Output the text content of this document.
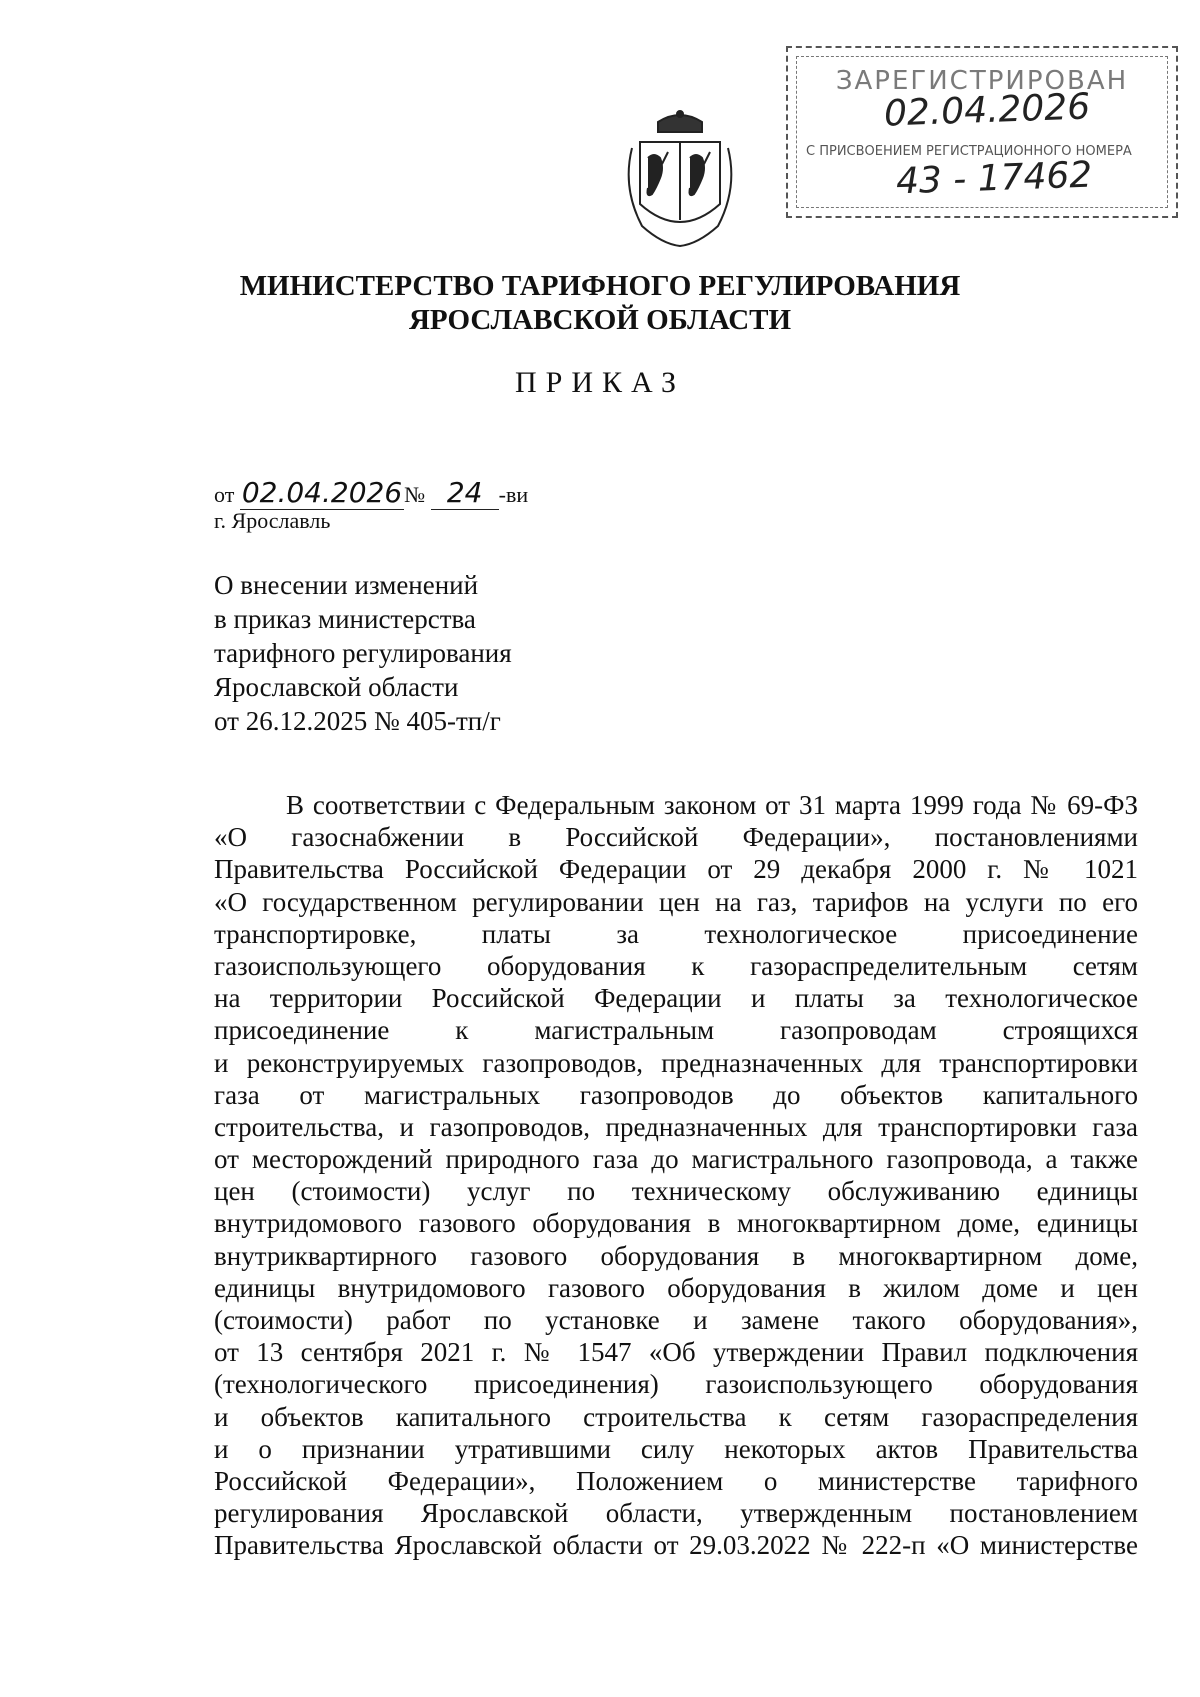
ЗАРЕГИСТРИРОВАН
02.04.2026
С ПРИСВОЕНИЕМ РЕГИСТРАЦИОННОГО НОМЕРА
43 - 17462
МИНИСТЕРСТВО ТАРИФНОГО РЕГУЛИРОВАНИЯ
ЯРОСЛАВСКОЙ ОБЛАСТИ
ПРИКАЗ
от 02.04.2026№ 24 -ви
г. Ярославль
О внесении изменений
в приказ министерства
тарифного регулирования
Ярославской области
от 26.12.2025 № 405-тп/г
В соответствии с Федеральным законом от 31 марта 1999 года № 69-ФЗ
«О газоснабжении в Российской Федерации», постановлениями
Правительства Российской Федерации от 29 декабря 2000 г. № 1021
«О государственном регулировании цен на газ, тарифов на услуги по его
транспортировке, платы за технологическое присоединение
газоиспользующего оборудования к газораспределительным сетям
на территории Российской Федерации и платы за технологическое
присоединение к магистральным газопроводам строящихся
и реконструируемых газопроводов, предназначенных для транспортировки
газа от магистральных газопроводов до объектов капитального
строительства, и газопроводов, предназначенных для транспортировки газа
от месторождений природного газа до магистрального газопровода, а также
цен (стоимости) услуг по техническому обслуживанию единицы
внутридомового газового оборудования в многоквартирном доме, единицы
внутриквартирного газового оборудования в многоквартирном доме,
единицы внутридомового газового оборудования в жилом доме и цен
(стоимости) работ по установке и замене такого оборудования»,
от 13 сентября 2021 г. № 1547 «Об утверждении Правил подключения
(технологического присоединения) газоиспользующего оборудования
и объектов капитального строительства к сетям газораспределения
и о признании утратившими силу некоторых актов Правительства
Российской Федерации», Положением о министерстве тарифного
регулирования Ярославской области, утвержденным постановлением
Правительства Ярославской области от 29.03.2022 № 222-п «О министерстве
